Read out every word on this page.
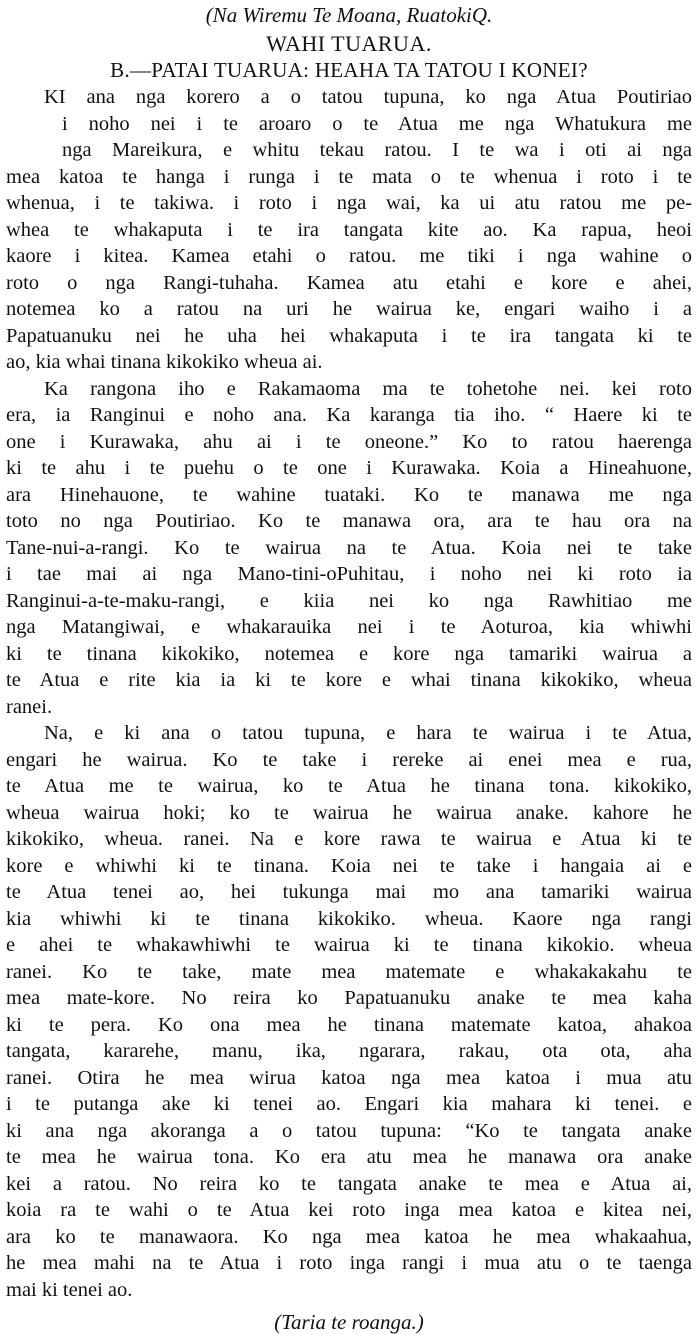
(Na Wiremu Te Moana, RuatokiQ.

WAHI TUARUA.

B.—PATAI TUARUA: HEAHA TA TATOU I KONEI?

KI ana nga korero a o tatou tupuna, ko nga Atua Poutiriao
i noho nei i te aroaro o te Atua me nga Whatukura me
nga Mareikura, e whitu tekau ratou. I te wa i oti ai nga
mea katoa te hanga i runga i te mata o te whenua i roto i te
whenua, i te takiwa. i roto i nga wai, ka ui atu ratou me pe-
whea te whakaputa i te ira tangata kite ao. Ka rapua, heoi
kaore i kitea. Kamea etahi o ratou. me tiki i nga wahine o
roto o nga Rangi-tuhaha. Kamea atu etahi e kore e ahei,
notemea ko a ratou na uri he wairua ke, engari waiho i a
Papatuanuku nei he uha hei whakaputa i te ira tangata ki te
ao, kia whai tinana kikokiko wheua ai.
Ka rangona iho e Rakamaomа ma te tohetohe nei. kei roto
era, ia Ranginui e noho ana. Ka karanga tia iho. “ Haere ki te
one i Kurawaka, ahu ai i te oneone.” Ko to ratou haerenga
ki te ahu i te puehu o te one i Kurawaka. Koia a Hineahuone,
ara Hinehauone, te wahine tuataki. Ko te manawa me nga
toto no nga Poutiriao. Ko te manawa ora, ara te hau ora na
Tane-nui-a-rangi. Ko te wairua na te Atua. Koia nei te take
i tae mai ai nga Mano-tini-oPuhitau, i noho nei ki roto ia
Ranginui-a-te-maku-rangi, e kiia nei ko nga Rawhitiao me
nga Matangiwai, e whakarauika nei i te Aoturoa, kia whiwhi
ki te tinana kikokiko, notemea e kore nga tamariki wairua a
te Atua e rite kia ia ki te kore e whai tinana kikokiko, wheua
ranei.
Na, e ki ana o tatou tupuna, e hara te wairua i te Atua,
engari he wairua. Ko te take i rereke ai enei mea e rua,
te Atua me te wairua, ko te Atua he tinana tona. kikokiko,
wheua wairua hoki; ko te wairua he wairua anake. kahore he
kikokiko, wheua. ranei. Na e kore rawa te wairua e Atua ki te
kore e whiwhi ki te tinana. Koia nei te take i hangaia ai e
te Atua tenei ao, hei tukunga mai mo ana tamariki wairua
kia whiwhi ki te tinana kikokiko. wheua. Kaore nga rangi
e ahei te whakawhiwhi te wairua ki te tinana kikokio. wheua
ranei. Ko te take, mate mea matemate e whakakakahu te
mea mate-kore. No reira ko Papatuanuku anake te mea kaha
ki te pera. Ko ona mea he tinana matemate katoa, ahakoa
tangata, kararehe, manu, ika, ngarara, rakau, ota ota, aha
ranei. Otira he mea wirua katoa nga mea katoa i mua atu
i te putanga ake ki tenei ao. Engari kia mahara ki tenei. e
ki ana nga akoranga a o tatou tupuna: “Ko te tangata anake
te mea he wairua tona. Ko era atu mea he manawa ora anake
kei a ratou. No reira ko te tangata anake te mea e Atua ai,
koia ra te wahi o te Atua kei roto inga mea katoa e kitea nei,
ara ko te manawaora. Ko nga mea katoa he mea whakaahua,
he mea mahi na te Atua i roto inga rangi i mua atu o te taenga
mai ki tenei ao.

(Taria te roanga.)
